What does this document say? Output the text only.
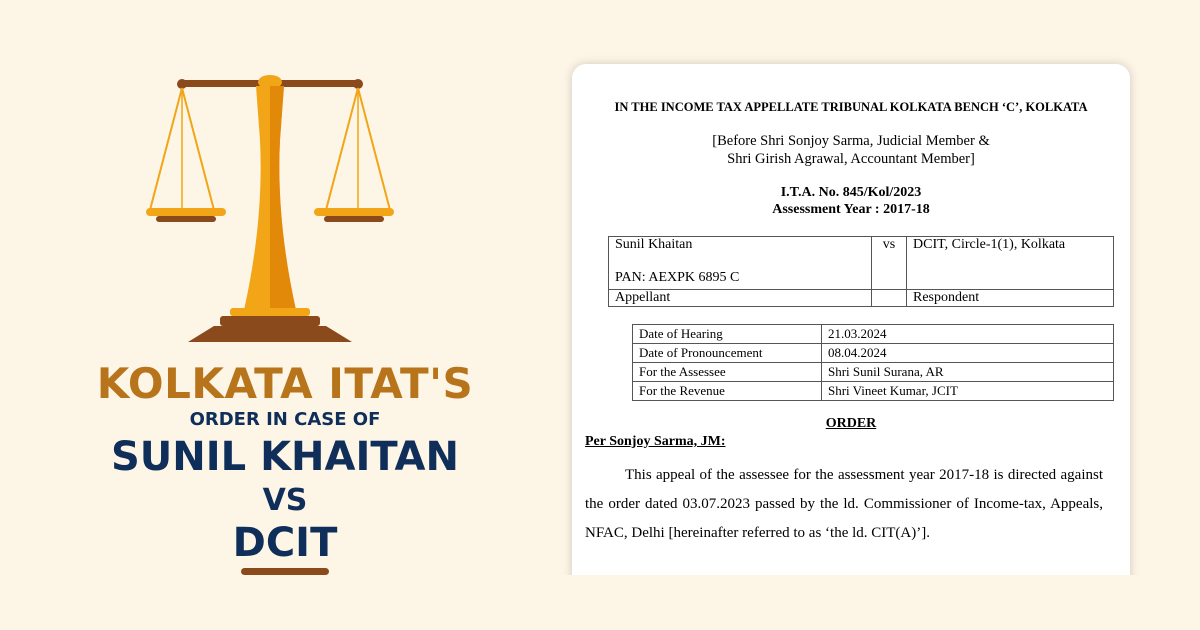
KOLKATA ITAT'S
ORDER IN CASE OF
SUNIL KHAITAN
VS
DCIT
IN THE INCOME TAX APPELLATE TRIBUNAL KOLKATA BENCH ‘C’, KOLKATA
[Before Shri Sonjoy Sarma, Judicial Member &
Shri Girish Agrawal, Accountant Member]
I.T.A. No. 845/Kol/2023
Assessment Year : 2017-18
Sunil Khaitan
PAN: AEXPK 6895 C	vs	DCIT, Circle-1(1), Kolkata
Appellant		Respondent
Date of Hearing	21.03.2024
Date of Pronouncement	08.04.2024
For the Assessee	Shri Sunil Surana, AR
For the Revenue	Shri Vineet Kumar, JCIT
ORDER
Per Sonjoy Sarma, JM:
This appeal of the assessee for the assessment year 2017-18 is directed against the order dated 03.07.2023 passed by the ld. Commissioner of Income-tax, Appeals, NFAC, Delhi [hereinafter referred to as ‘the ld. CIT(A)’].
